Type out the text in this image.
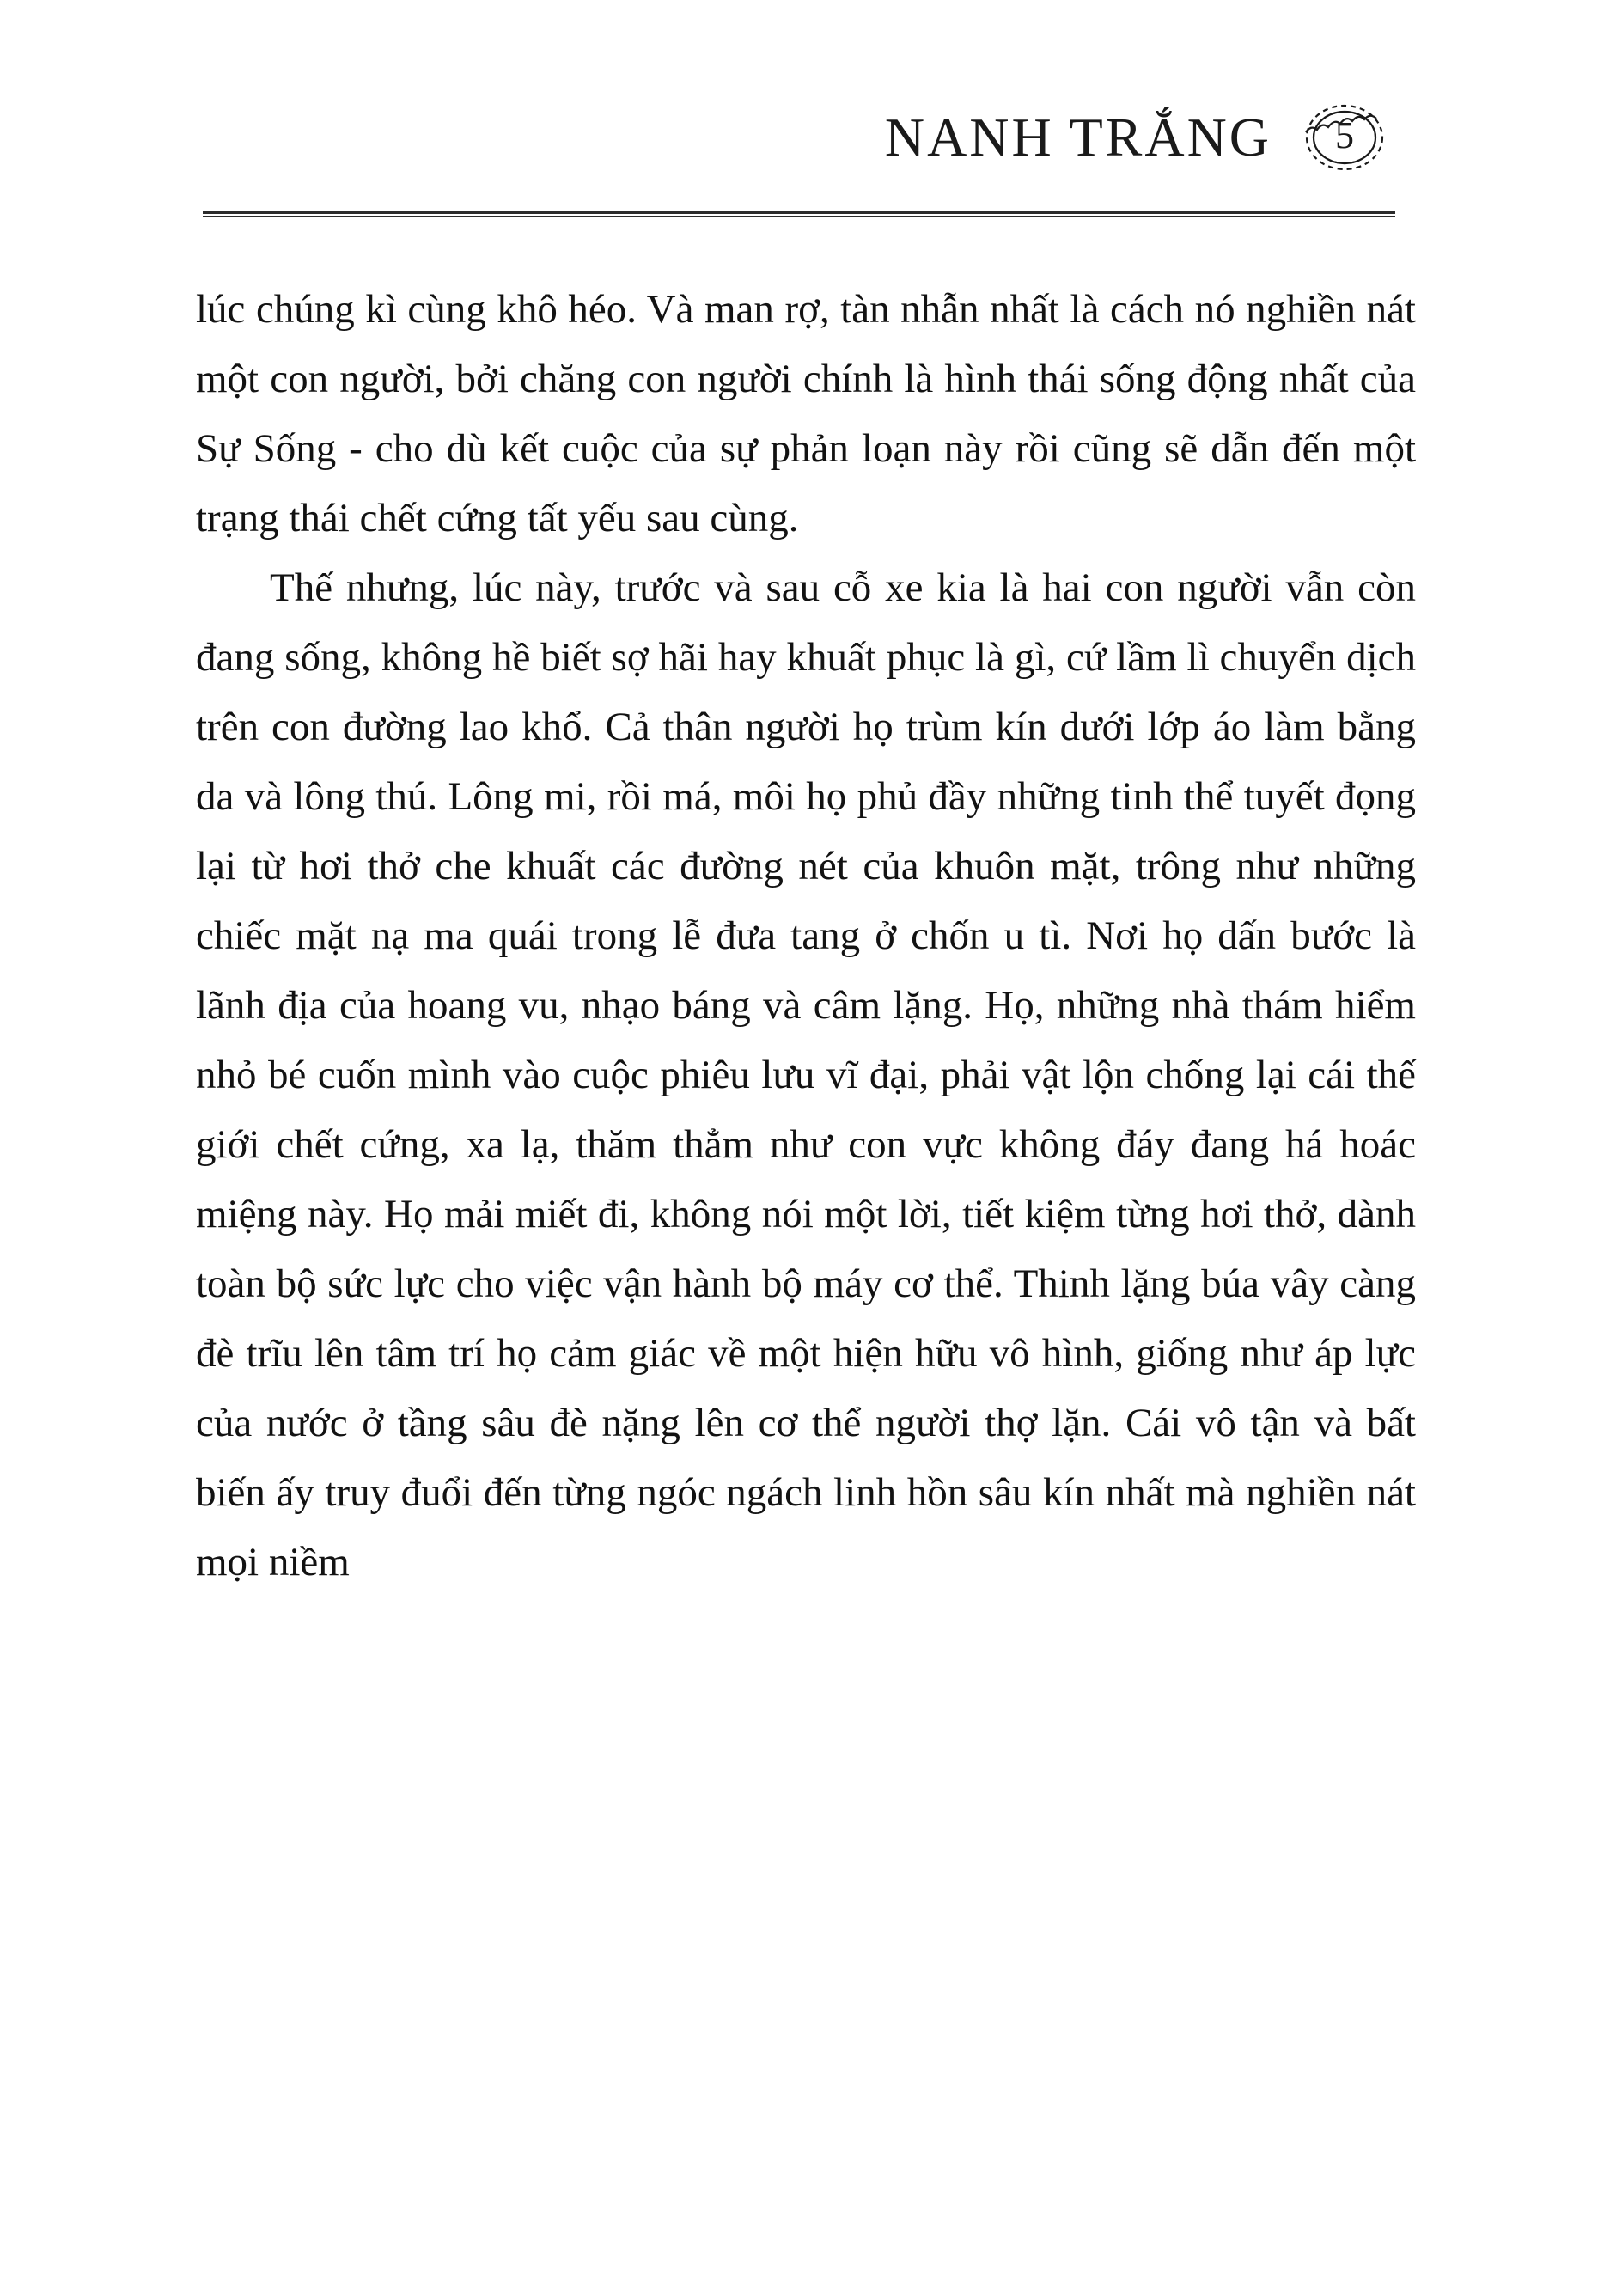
NANH TRẮNG 5

lúc chúng kì cùng khô héo. Và man rợ, tàn nhẫn nhất là cách nó nghiền nát một con người, bởi chăng con người chính là hình thái sống động nhất của Sự Sống - cho dù kết cuộc của sự phản loạn này rồi cũng sẽ dẫn đến một trạng thái chết cứng tất yếu sau cùng.

Thế nhưng, lúc này, trước và sau cỗ xe kia là hai con người vẫn còn đang sống, không hề biết sợ hãi hay khuất phục là gì, cứ lầm lì chuyển dịch trên con đường lao khổ. Cả thân người họ trùm kín dưới lớp áo làm bằng da và lông thú. Lông mi, rồi má, môi họ phủ đầy những tinh thể tuyết đọng lại từ hơi thở che khuất các đường nét của khuôn mặt, trông như những chiếc mặt nạ ma quái trong lễ đưa tang ở chốn u tì. Nơi họ dấn bước là lãnh địa của hoang vu, nhạo báng và câm lặng. Họ, những nhà thám hiểm nhỏ bé cuốn mình vào cuộc phiêu lưu vĩ đại, phải vật lộn chống lại cái thế giới chết cứng, xa lạ, thăm thẳm như con vực không đáy đang há hoác miệng này. Họ mải miết đi, không nói một lời, tiết kiệm từng hơi thở, dành toàn bộ sức lực cho việc vận hành bộ máy cơ thể. Thinh lặng búa vây càng đè trĩu lên tâm trí họ cảm giác về một hiện hữu vô hình, giống như áp lực của nước ở tầng sâu đè nặng lên cơ thể người thợ lặn. Cái vô tận và bất biến ấy truy đuổi đến từng ngóc ngách linh hồn sâu kín nhất mà nghiền nát mọi niềm
